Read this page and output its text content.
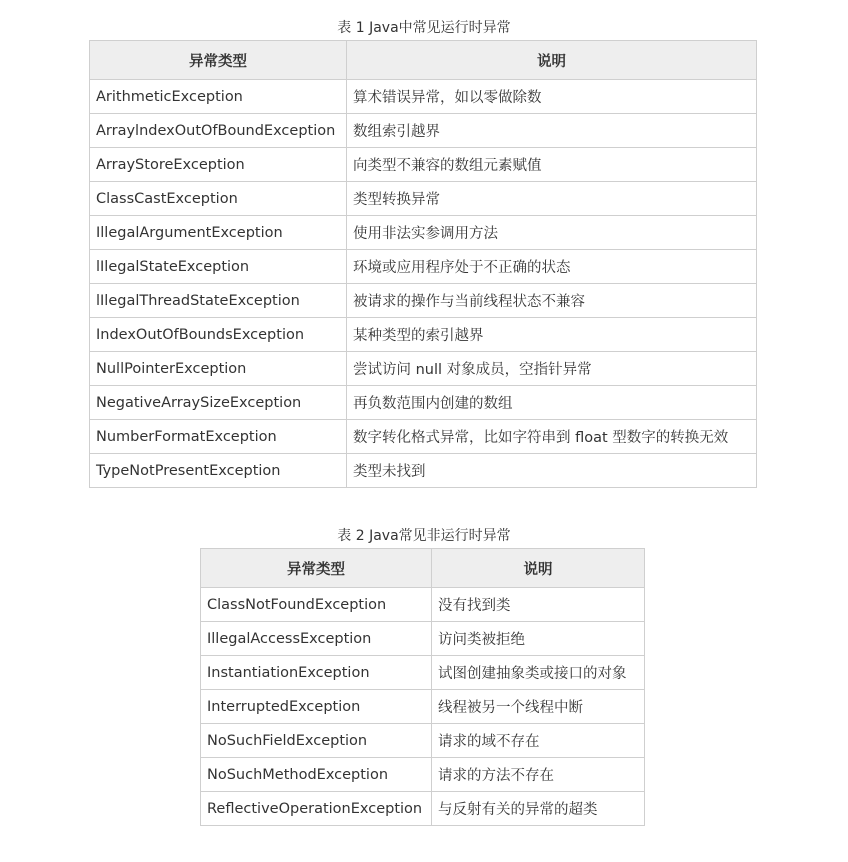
表 1 Java中常见运行时异常
异常类型	说明
ArithmeticException	算术错误异常，如以零做除数
ArraylndexOutOfBoundException	数组索引越界
ArrayStoreException	向类型不兼容的数组元素赋值
ClassCastException	类型转换异常
IllegalArgumentException	使用非法实参调用方法
lIlegalStateException	环境或应用程序处于不正确的状态
lIlegalThreadStateException	被请求的操作与当前线程状态不兼容
IndexOutOfBoundsException	某种类型的索引越界
NullPointerException	尝试访问 null 对象成员，空指针异常
NegativeArraySizeException	再负数范围内创建的数组
NumberFormatException	数字转化格式异常，比如字符串到 float 型数字的转换无效
TypeNotPresentException	类型未找到
表 2 Java常见非运行时异常
异常类型	说明
ClassNotFoundException	没有找到类
IllegalAccessException	访问类被拒绝
InstantiationException	试图创建抽象类或接口的对象
InterruptedException	线程被另一个线程中断
NoSuchFieldException	请求的域不存在
NoSuchMethodException	请求的方法不存在
ReflectiveOperationException	与反射有关的异常的超类
